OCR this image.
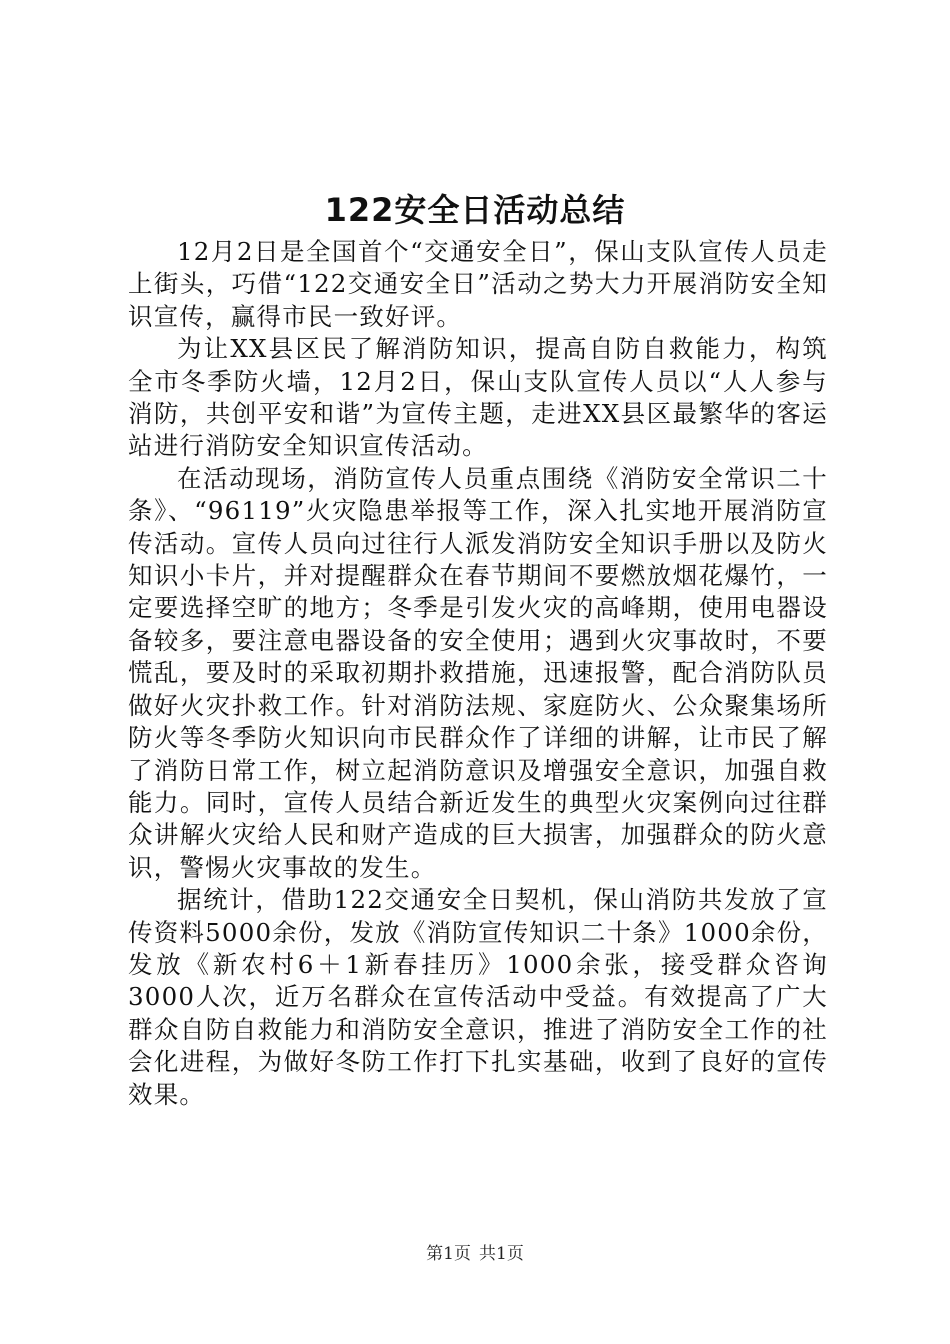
122安全日活动总结

12月2日是全国首个“交通安全日”，保山支队宣传人员走上街头，巧借“122交通安全日”活动之势大力开展消防安全知识宣传，赢得市民一致好评。

为让XX县区民了解消防知识，提高自防自救能力，构筑全市冬季防火墙，12月2日，保山支队宣传人员以“人人参与消防，共创平安和谐”为宣传主题，走进XX县区最繁华的客运站进行消防安全知识宣传活动。

在活动现场，消防宣传人员重点围绕《消防安全常识二十条》、“96119”火灾隐患举报等工作，深入扎实地开展消防宣传活动。宣传人员向过往行人派发消防安全知识手册以及防火知识小卡片，并对提醒群众在春节期间不要燃放烟花爆竹，一定要选择空旷的地方；冬季是引发火灾的高峰期，使用电器设备较多，要注意电器设备的安全使用；遇到火灾事故时，不要慌乱，要及时的采取初期扑救措施，迅速报警，配合消防队员做好火灾扑救工作。针对消防法规、家庭防火、公众聚集场所防火等冬季防火知识向市民群众作了详细的讲解，让市民了解了消防日常工作，树立起消防意识及增强安全意识，加强自救能力。同时，宣传人员结合新近发生的典型火灾案例向过往群众讲解火灾给人民和财产造成的巨大损害，加强群众的防火意识，警惕火灾事故的发生。

据统计，借助122交通安全日契机，保山消防共发放了宣传资料5000余份，发放《消防宣传知识二十条》1000余份，发放《新农村6＋1新春挂历》1000余张，接受群众咨询3000人次，近万名群众在宣传活动中受益。有效提高了广大群众自防自救能力和消防安全意识，推进了消防安全工作的社会化进程，为做好冬防工作打下扎实基础，收到了良好的宣传效果。

第1页 共1页
